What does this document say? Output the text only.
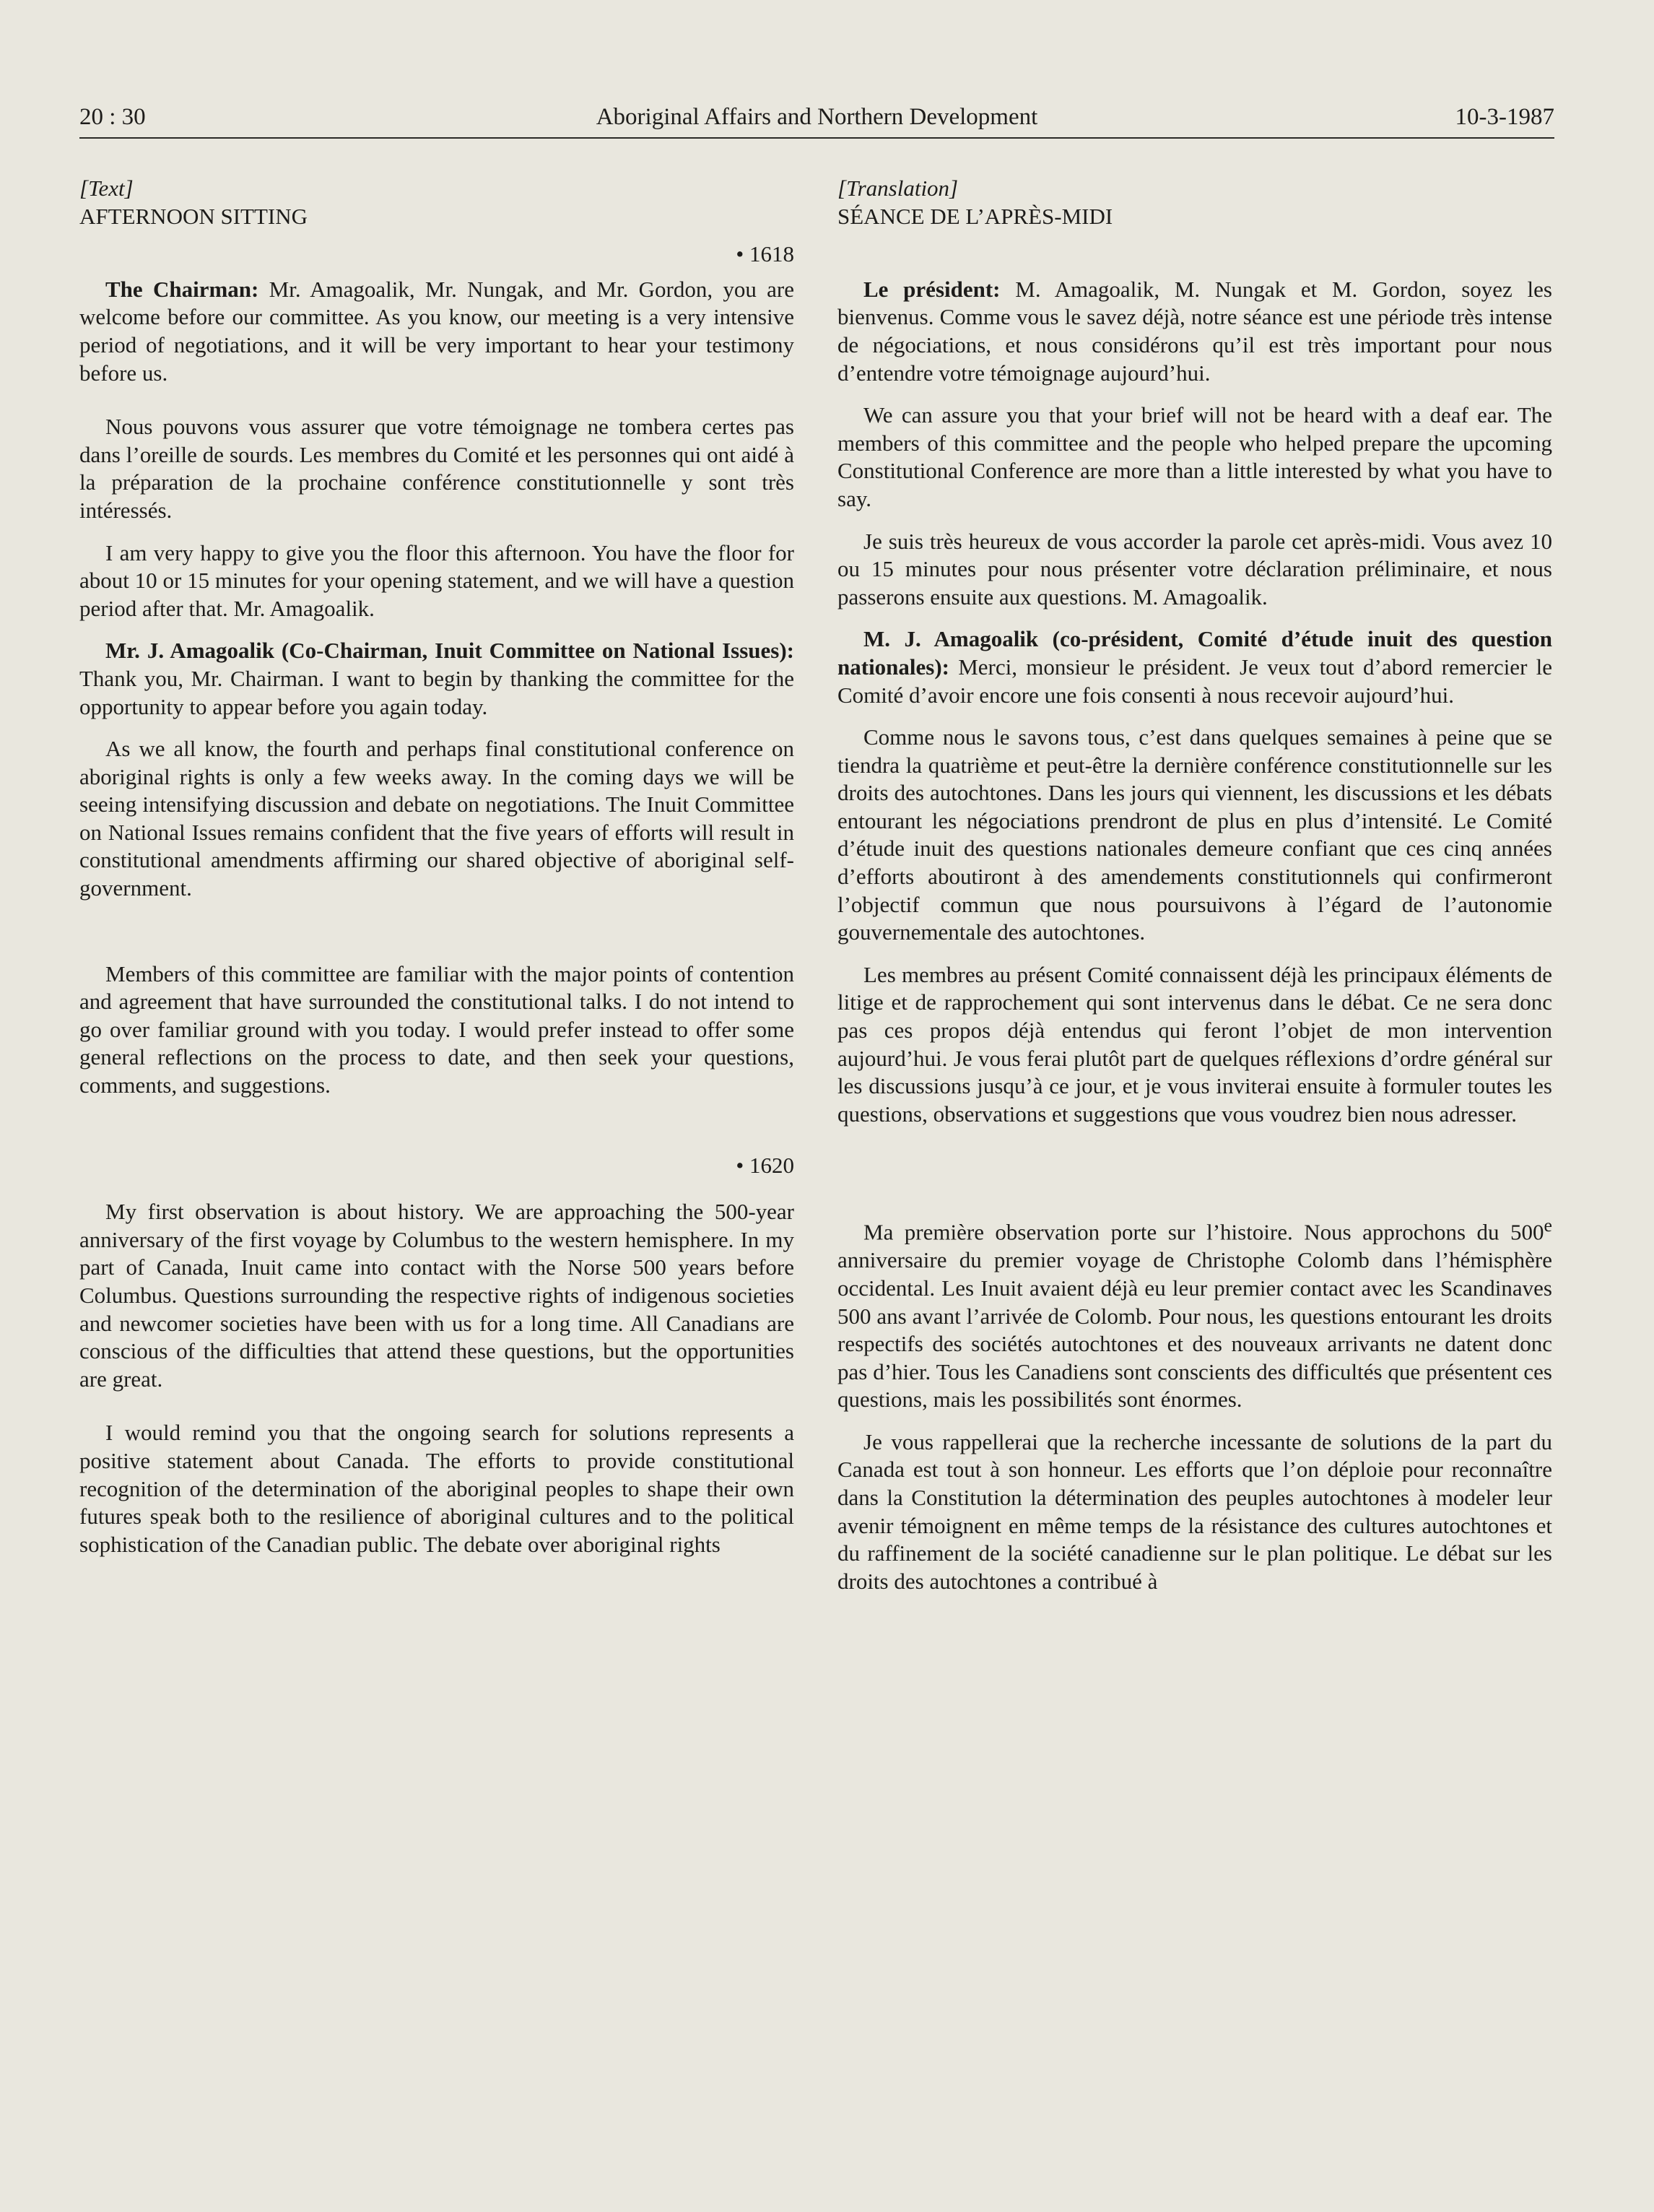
20 : 30	Aboriginal Affairs and Northern Development	10-3-1987
[Text]
AFTERNOON SITTING
• 1618

The Chairman: Mr. Amagoalik, Mr. Nungak, and Mr. Gordon, you are welcome before our committee. As you know, our meeting is a very intensive period of negotiations, and it will be very important to hear your testimony before us.

Nous pouvons vous assurer que votre témoignage ne tombera certes pas dans l’oreille de sourds. Les membres du Comité et les personnes qui ont aidé à la préparation de la prochaine conférence constitutionnelle y sont très intéressés.

I am very happy to give you the floor this afternoon. You have the floor for about 10 or 15 minutes for your opening statement, and we will have a question period after that. Mr. Amagoalik.

Mr. J. Amagoalik (Co-Chairman, Inuit Committee on National Issues): Thank you, Mr. Chairman. I want to begin by thanking the committee for the opportunity to appear before you again today.

As we all know, the fourth and perhaps final constitutional conference on aboriginal rights is only a few weeks away. In the coming days we will be seeing intensifying discussion and debate on negotiations. The Inuit Committee on National Issues remains confident that the five years of efforts will result in constitutional amendments affirming our shared objective of aboriginal self-government.

Members of this committee are familiar with the major points of contention and agreement that have surrounded the constitutional talks. I do not intend to go over familiar ground with you today. I would prefer instead to offer some general reflections on the process to date, and then seek your questions, comments, and suggestions.

• 1620

My first observation is about history. We are approaching the 500-year anniversary of the first voyage by Columbus to the western hemisphere. In my part of Canada, Inuit came into contact with the Norse 500 years before Columbus. Questions surrounding the respective rights of indigenous societies and newcomer societies have been with us for a long time. All Canadians are conscious of the difficulties that attend these questions, but the opportunities are great.

I would remind you that the ongoing search for solutions represents a positive statement about Canada. The efforts to provide constitutional recognition of the determination of the aboriginal peoples to shape their own futures speak both to the resilience of aboriginal cultures and to the political sophistication of the Canadian public. The debate over aboriginal rights

[Translation]
SÉANCE DE L’APRÈS-MIDI

Le président: M. Amagoalik, M. Nungak et M. Gordon, soyez les bienvenus. Comme vous le savez déjà, notre séance est une période très intense de négociations, et nous considérons qu’il est très important pour nous d’entendre votre témoignage aujourd’hui.

We can assure you that your brief will not be heard with a deaf ear. The members of this committee and the people who helped prepare the upcoming Constitutional Conference are more than a little interested by what you have to say.

Je suis très heureux de vous accorder la parole cet après-midi. Vous avez 10 ou 15 minutes pour nous présenter votre déclaration préliminaire, et nous passerons ensuite aux questions. M. Amagoalik.

M. J. Amagoalik (co-président, Comité d’étude inuit des question nationales): Merci, monsieur le président. Je veux tout d’abord remercier le Comité d’avoir encore une fois consenti à nous recevoir aujourd’hui.

Comme nous le savons tous, c’est dans quelques semaines à peine que se tiendra la quatrième et peut-être la dernière conférence constitutionnelle sur les droits des autochtones. Dans les jours qui viennent, les discussions et les débats entourant les négociations prendront de plus en plus d’intensité. Le Comité d’étude inuit des questions nationales demeure confiant que ces cinq années d’efforts aboutiront à des amendements constitutionnels qui confirmeront l’objectif commun que nous poursuivons à l’égard de l’autonomie gouvernementale des autochtones.

Les membres au présent Comité connaissent déjà les principaux éléments de litige et de rapprochement qui sont intervenus dans le débat. Ce ne sera donc pas ces propos déjà entendus qui feront l’objet de mon intervention aujourd’hui. Je vous ferai plutôt part de quelques réflexions d’ordre général sur les discussions jusqu’à ce jour, et je vous inviterai ensuite à formuler toutes les questions, observations et suggestions que vous voudrez bien nous adresser.

Ma première observation porte sur l’histoire. Nous approchons du 500e anniversaire du premier voyage de Christophe Colomb dans l’hémisphère occidental. Les Inuit avaient déjà eu leur premier contact avec les Scandinaves 500 ans avant l’arrivée de Colomb. Pour nous, les questions entourant les droits respectifs des sociétés autochtones et des nouveaux arrivants ne datent donc pas d’hier. Tous les Canadiens sont conscients des difficultés que présentent ces questions, mais les possibilités sont énormes.

Je vous rappellerai que la recherche incessante de solutions de la part du Canada est tout à son honneur. Les efforts que l’on déploie pour reconnaître dans la Constitution la détermination des peuples autochtones à modeler leur avenir témoignent en même temps de la résistance des cultures autochtones et du raffinement de la société canadienne sur le plan politique. Le débat sur les droits des autochtones a contribué à
